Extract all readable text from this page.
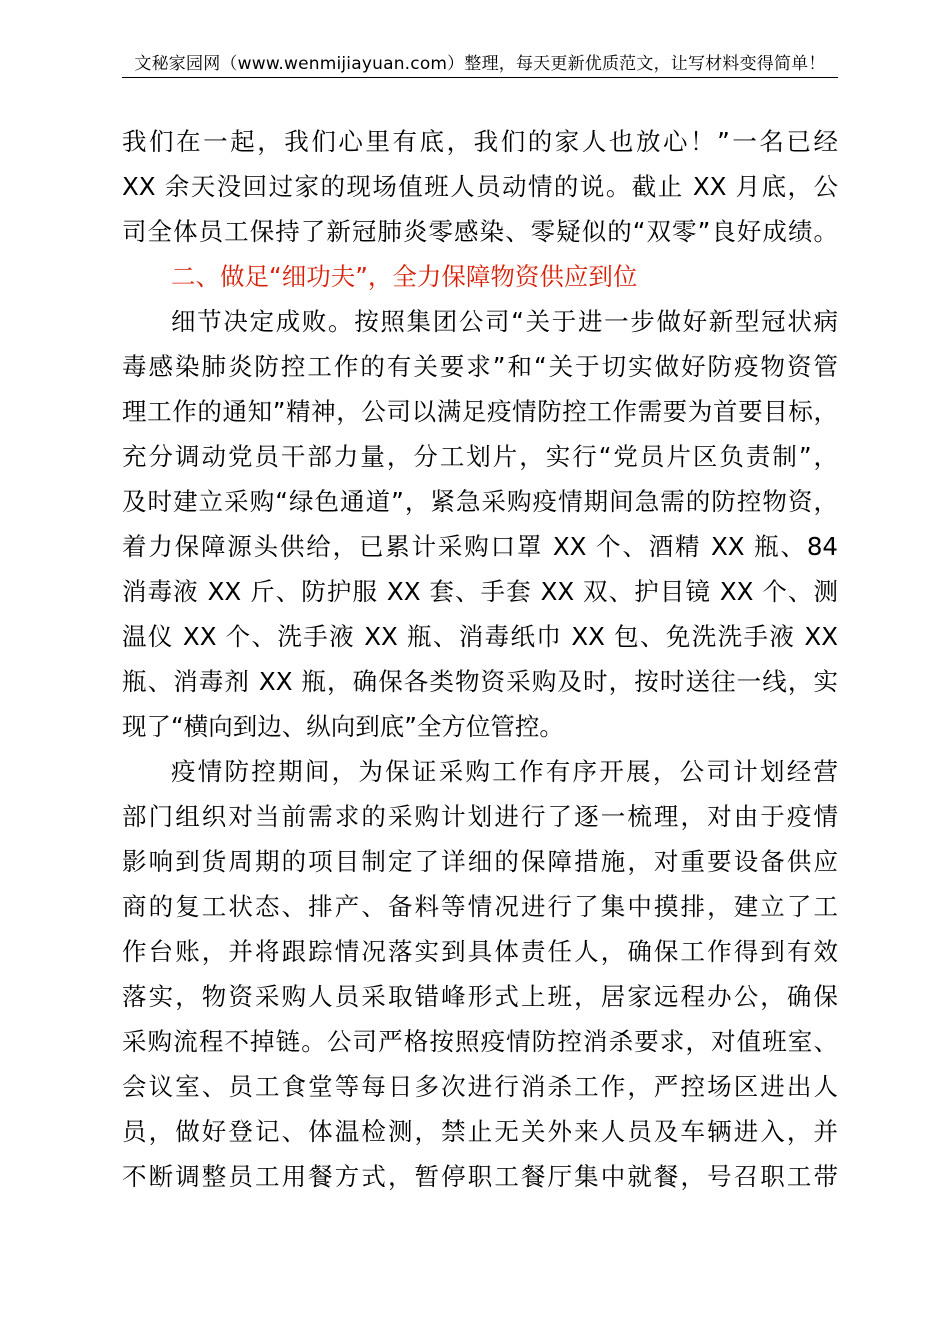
文秘家园网（www.wenmijiayuan.com）整理，每天更新优质范文，让写材料变得简单！
我们在一起，我们心里有底，我们的家人也放心！”一名已经
XX 余天没回过家的现场值班人员动情的说。截止 XX 月底，公
司全体员工保持了新冠肺炎零感染、零疑似的“双零”良好成绩。
二、做足“细功夫”，全力保障物资供应到位
细节决定成败。按照集团公司“关于进一步做好新型冠状病
毒感染肺炎防控工作的有关要求”和“关于切实做好防疫物资管
理工作的通知”精神，公司以满足疫情防控工作需要为首要目标，
充分调动党员干部力量，分工划片，实行“党员片区负责制”，
及时建立采购“绿色通道”，紧急采购疫情期间急需的防控物资，
着力保障源头供给，已累计采购口罩 XX 个、酒精 XX 瓶、84
消毒液 XX 斤、防护服 XX 套、手套 XX 双、护目镜 XX 个、测
温仪 XX 个、洗手液 XX 瓶、消毒纸巾 XX 包、免洗洗手液 XX
瓶、消毒剂 XX 瓶，确保各类物资采购及时，按时送往一线，实
现了“横向到边、纵向到底”全方位管控。
疫情防控期间，为保证采购工作有序开展，公司计划经营
部门组织对当前需求的采购计划进行了逐一梳理，对由于疫情
影响到货周期的项目制定了详细的保障措施，对重要设备供应
商的复工状态、排产、备料等情况进行了集中摸排，建立了工
作台账，并将跟踪情况落实到具体责任人，确保工作得到有效
落实，物资采购人员采取错峰形式上班，居家远程办公，确保
采购流程不掉链。公司严格按照疫情防控消杀要求，对值班室、
会议室、员工食堂等每日多次进行消杀工作，严控场区进出人
员，做好登记、体温检测，禁止无关外来人员及车辆进入，并
不断调整员工用餐方式，暂停职工餐厅集中就餐，号召职工带
